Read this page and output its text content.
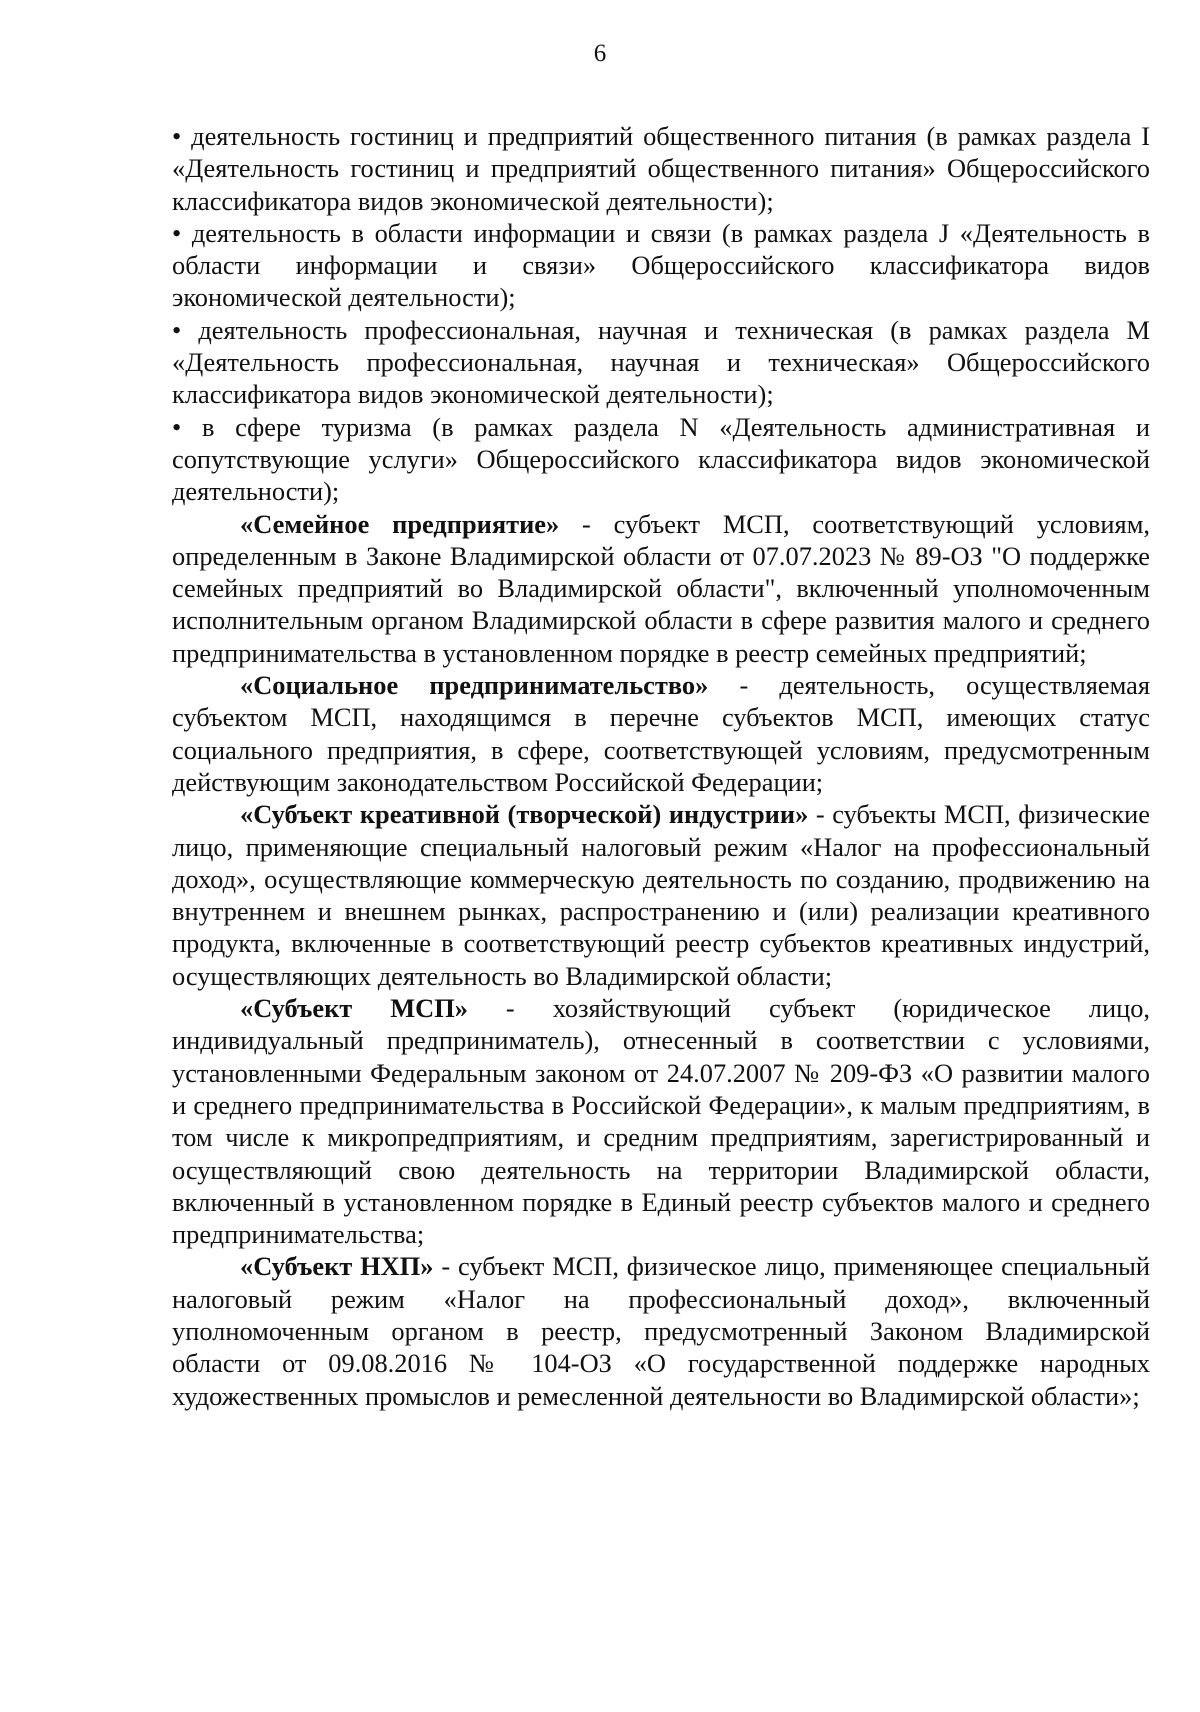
6

• деятельность гостиниц и предприятий общественного питания (в рамках раздела I «Деятельность гостиниц и предприятий общественного питания» Общероссийского классификатора видов экономической деятельности);

• деятельность в области информации и связи (в рамках раздела J «Деятельность в области информации и связи» Общероссийского классификатора видов экономической деятельности);

• деятельность профессиональная, научная и техническая (в рамках раздела M «Деятельность профессиональная, научная и техническая» Общероссийского классификатора видов экономической деятельности);

• в сфере туризма (в рамках раздела N «Деятельность административная и сопутствующие услуги» Общероссийского классификатора видов экономической деятельности);

«Семейное предприятие» - субъект МСП, соответствующий условиям, определенным в Законе Владимирской области от 07.07.2023 № 89-ОЗ "О поддержке семейных предприятий во Владимирской области", включенный уполномоченным исполнительным органом Владимирской области в сфере развития малого и среднего предпринимательства в установленном порядке в реестр семейных предприятий;

«Социальное предпринимательство» - деятельность, осуществляемая субъектом МСП, находящимся в перечне субъектов МСП, имеющих статус социального предприятия, в сфере, соответствующей условиям, предусмотренным действующим законодательством Российской Федерации;

«Субъект креативной (творческой) индустрии» - субъекты МСП, физические лицо, применяющие специальный налоговый режим «Налог на профессиональный доход», осуществляющие коммерческую деятельность по созданию, продвижению на внутреннем и внешнем рынках, распространению и (или) реализации креативного продукта, включенные в соответствующий реестр субъектов креативных индустрий, осуществляющих деятельность во Владимирской области;

«Субъект МСП» - хозяйствующий субъект (юридическое лицо, индивидуальный предприниматель), отнесенный в соответствии с условиями, установленными Федеральным законом от 24.07.2007 № 209-ФЗ «О развитии малого и среднего предпринимательства в Российской Федерации», к малым предприятиям, в том числе к микропредприятиям, и средним предприятиям, зарегистрированный и осуществляющий свою деятельность на территории Владимирской области, включенный в установленном порядке в Единый реестр субъектов малого и среднего предпринимательства;

«Субъект НХП» - субъект МСП, физическое лицо, применяющее специальный налоговый режим «Налог на профессиональный доход», включенный уполномоченным органом в реестр, предусмотренный Законом Владимирской области от 09.08.2016 № 104-ОЗ «О государственной поддержке народных художественных промыслов и ремесленной деятельности во Владимирской области»;
